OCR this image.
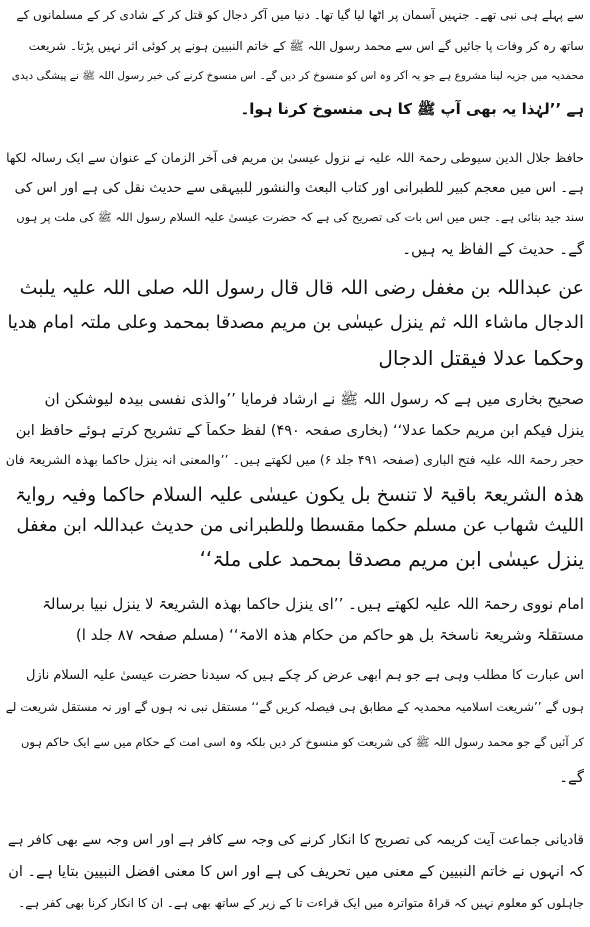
سے پہلے ہی نبی تھے۔ جنہیں آسمان پر اٹھا لیا گیا تھا۔ دنیا میں آکر دجال کو قتل کر کے شادی کر کے مسلمانوں کے
ساتھ رہ کر وفات پا جائیں گے اس سے محمد رسول اللہ ﷺ کے خاتم النبیین ہونے پر کوئی اثر نہیں پڑتا۔ شریعت
محمدیہ میں جزیہ لینا مشروع ہے جو یہ آکر وہ اس کو منسوخ کر دیں گے۔ اس منسوخ کرنے کی خبر رسول اللہ ﷺ نے پیشگی دیدی
ہے ’’لہٰذا یہ بھی آپ ﷺ کا ہی منسوخ کرنا ہوا۔
حافظ جلال الدین سیوطی رحمۃ اللہ علیہ نے نزول عیسیٰ بن مریم فی آخر الزمان کے عنوان سے ایک رسالہ لکھا
ہے۔ اس میں معجم کبیر للطبرانی اور کتاب البعث والنشور للبیہقی سے حدیث نقل کی ہے اور اس کی
سند جید بتائی ہے۔ جس میں اس بات کی تصریح کی ہے کہ حضرت عیسیٰ علیہ السلام رسول اللہ ﷺ کی ملت پر ہوں
گے۔ حدیث کے الفاظ یہ ہیں۔
عن عبداللہ بن مغفل رضی اللہ قال قال رسول اللہ صلی اللہ علیہ یلبث
الدجال ماشاء اللہ ثم ینزل عیسٰی بن مریم مصدقا بمحمد وعلی ملتہ امام ھدیا
وحکما عدلا فیقتل الدجال
صحیح بخاری میں ہے کہ رسول اللہ ﷺ نے ارشاد فرمایا ’’والذی نفسی بیدہ لیوشکن ان
ینزل فیکم ابن مریم حکما عدلا‘‘ (بخاری صفحہ ۴۹۰) لفظ حکماً کے تشریح کرتے ہوئے حافظ ابن
حجر رحمۃ اللہ علیہ فتح الباری (صفحہ ۴۹۱ جلد ۶) میں لکھتے ہیں۔ ’’والمعنی انہ ینزل حاکما بھذہ الشریعۃ فان
ھذہ الشریعۃ باقیۃ لا تنسخ بل یکون عیسٰی علیہ السلام حاکما وفیہ روایۃ
اللیث شھاب عن مسلم حکما مقسطا وللطبرانی من حدیث عبداللہ ابن مغفل
ینزل عیسٰی ابن مریم مصدقا بمحمد علی ملۃ‘‘
امام نووی رحمۃ اللہ علیہ لکھتے ہیں۔ ’’ای ینزل حاکما بھذہ الشریعۃ لا ینزل نبیا برسالۃ
مستقلۃ وشریعۃ ناسخۃ بل ھو حاکم من حکام ھذہ الامۃ‘‘ (مسلم صفحہ ۸۷ جلد ا)
اس عبارت کا مطلب وہی ہے جو ہم ابھی عرض کر چکے ہیں کہ سیدنا حضرت عیسیٰ علیہ السلام نازل
ہوں گے ’’شریعت اسلامیہ محمدیہ کے مطابق ہی فیصلہ کریں گے‘‘ مستقل نبی نہ ہوں گے اور نہ مستقل شریعت لے
کر آئیں گے جو محمد رسول اللہ ﷺ کی شریعت کو منسوخ کر دیں بلکہ وہ اسی امت کے حکام میں سے ایک حاکم ہوں
گے۔
قادیانی جماعت آیت کریمہ کی تصریح کا انکار کرنے کی وجہ سے کافر ہے اور اس وجہ سے بھی کافر ہے
کہ انہوں نے خاتم النبیین کے معنی میں تحریف کی ہے اور اس کا معنی افضل النبیین بتایا ہے۔ ان
جاہلوں کو معلوم نہیں کہ قراۃ متواترہ میں ایک قراءت تا کے زیر کے ساتھ بھی ہے۔ ان کا انکار کرنا بھی کفر ہے۔
